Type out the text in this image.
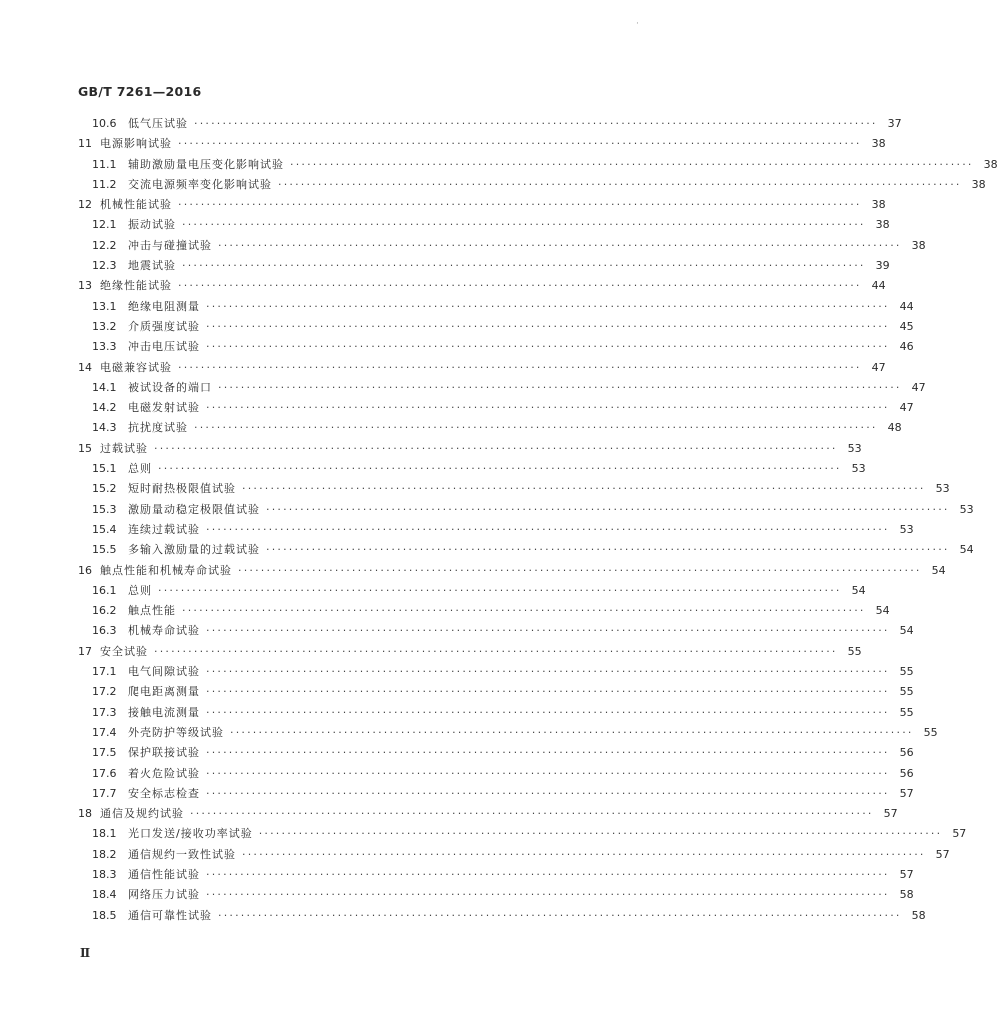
·
GB/T 7261—2016
10.6	低气压试验 ························································································································ 37
11 电源影响试验 ························································································································ 38
11.1	辅助激励量电压变化影响试验 ························································································································ 38
11.2	交流电源频率变化影响试验 ························································································································ 38
12 机械性能试验 ························································································································ 38
12.1	振动试验 ························································································································ 38
12.2	冲击与碰撞试验 ························································································································ 38
12.3	地震试验 ························································································································ 39
13 绝缘性能试验 ························································································································ 44
13.1	绝缘电阻测量 ························································································································ 44
13.2	介质强度试验 ························································································································ 45
13.3	冲击电压试验 ························································································································ 46
14 电磁兼容试验 ························································································································ 47
14.1	被试设备的端口 ························································································································ 47
14.2	电磁发射试验 ························································································································ 47
14.3	抗扰度试验 ························································································································ 48
15 过载试验 ························································································································ 53
15.1	总则 ························································································································ 53
15.2	短时耐热极限值试验 ························································································································ 53
15.3	激励量动稳定极限值试验 ························································································································ 53
15.4	连续过载试验 ························································································································ 53
15.5	多输入激励量的过载试验 ························································································································ 54
16 触点性能和机械寿命试验 ························································································································ 54
16.1	总则 ························································································································ 54
16.2	触点性能 ························································································································ 54
16.3	机械寿命试验 ························································································································ 54
17 安全试验 ························································································································ 55
17.1	电气间隙试验 ························································································································ 55
17.2	爬电距离测量 ························································································································ 55
17.3	接触电流测量 ························································································································ 55
17.4	外壳防护等级试验 ························································································································ 55
17.5	保护联接试验 ························································································································ 56
17.6	着火危险试验 ························································································································ 56
17.7	安全标志检查 ························································································································ 57
18 通信及规约试验 ························································································································ 57
18.1	光口发送/接收功率试验 ························································································································ 57
18.2	通信规约一致性试验 ························································································································ 57
18.3	通信性能试验 ························································································································ 57
18.4	网络压力试验 ························································································································ 58
18.5	通信可靠性试验 ························································································································ 58
Ⅱ
